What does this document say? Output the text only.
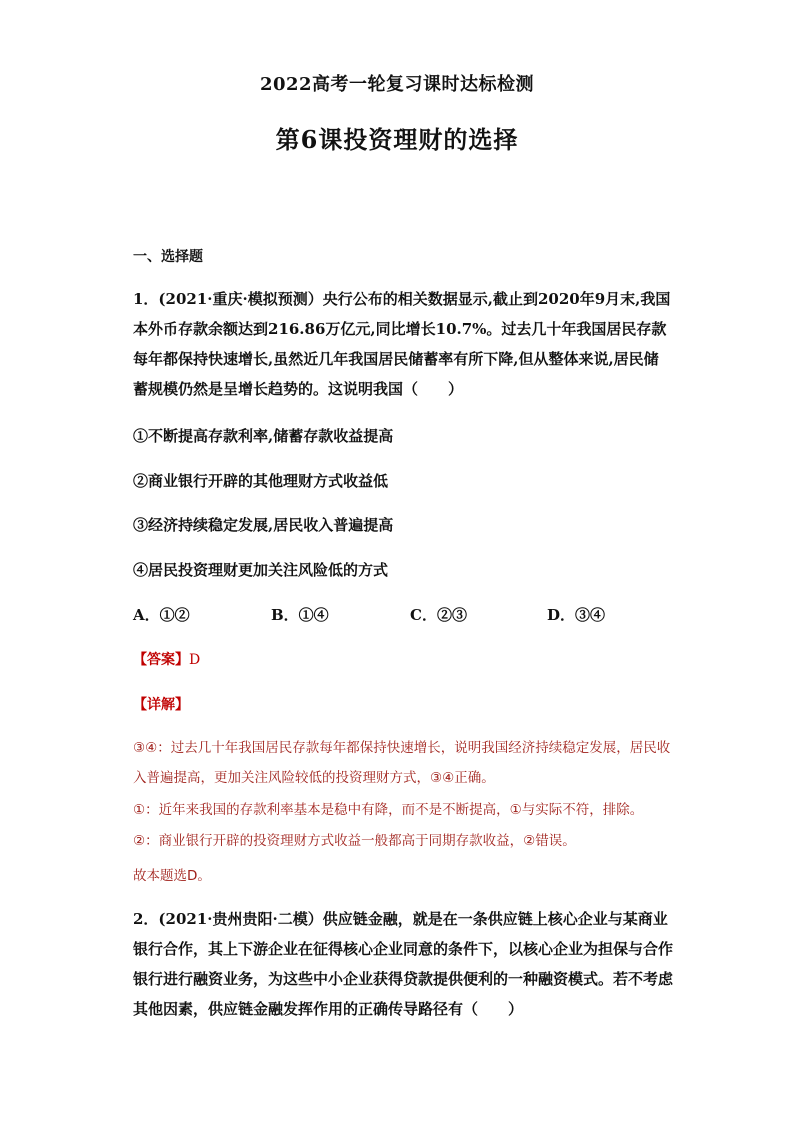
2022高考一轮复习课时达标检测
第6课投资理财的选择
一、选择题
1．(2021·重庆·模拟预测）央行公布的相关数据显示,截止到2020年9月末,我国本外币存款余额达到216.86万亿元,同比增长10.7%。过去几十年我国居民存款每年都保持快速增长,虽然近几年我国居民储蓄率有所下降,但从整体来说,居民储蓄规模仍然是呈增长趋势的。这说明我国（　　）
①不断提高存款利率,储蓄存款收益提高
②商业银行开辟的其他理财方式收益低
③经济持续稳定发展,居民收入普遍提高
④居民投资理财更加关注风险低的方式
A．①②	B．①④	C．②③	D．③④
【答案】D
【详解】
③④：过去几十年我国居民存款每年都保持快速增长，说明我国经济持续稳定发展，居民收入普遍提高，更加关注风险较低的投资理财方式，③④正确。
①：近年来我国的存款利率基本是稳中有降，而不是不断提高，①与实际不符，排除。
②：商业银行开辟的投资理财方式收益一般都高于同期存款收益，②错误。
故本题选D。
2．(2021·贵州贵阳·二模）供应链金融，就是在一条供应链上核心企业与某商业银行合作，其上下游企业在征得核心企业同意的条件下，以核心企业为担保与合作银行进行融资业务，为这些中小企业获得贷款提供便利的一种融资模式。若不考虑其他因素，供应链金融发挥作用的正确传导路径有（　　）
